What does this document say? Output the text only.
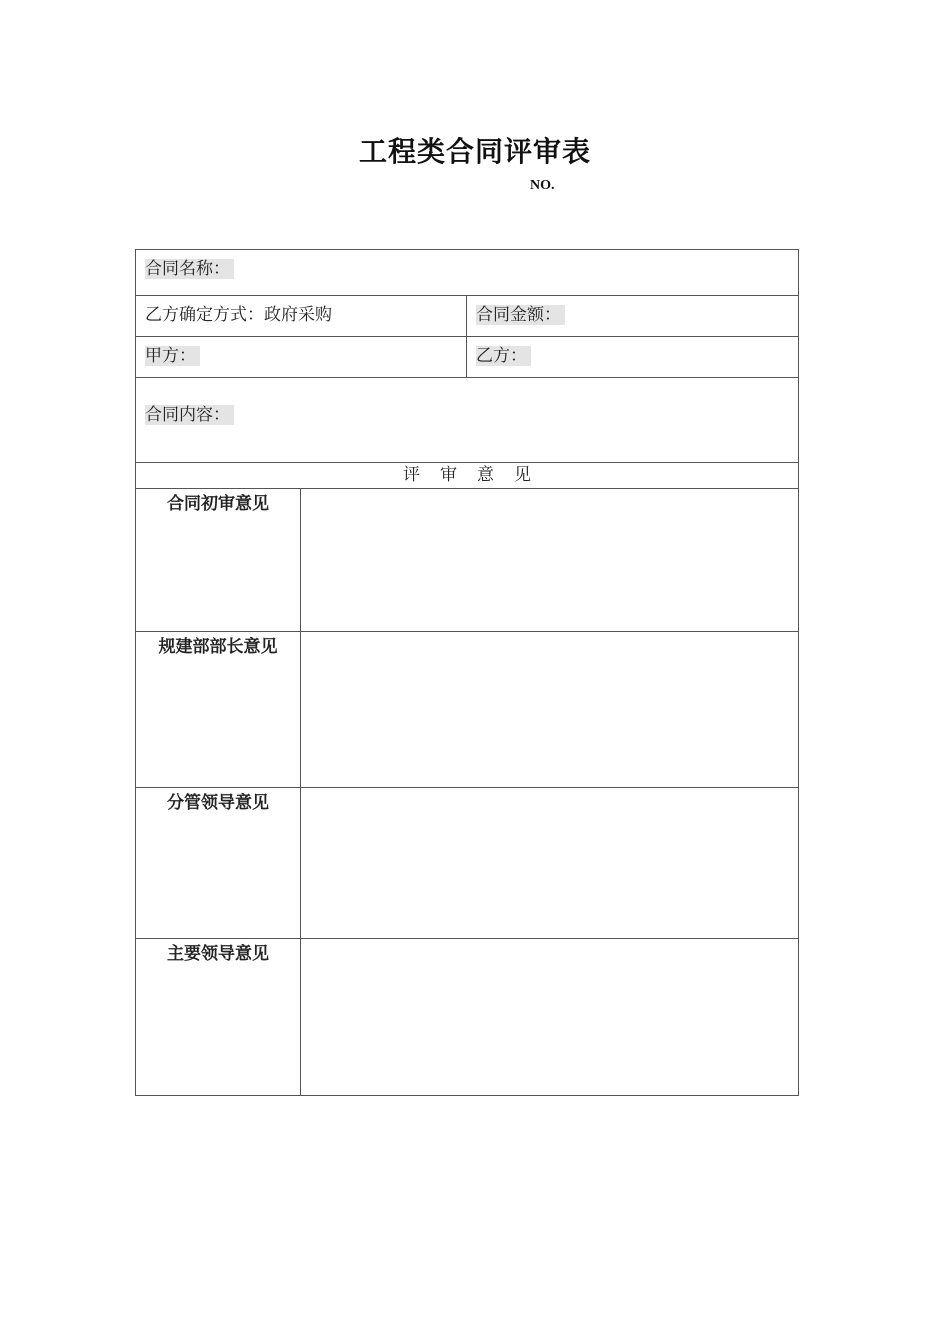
工程类合同评审表
NO.
合同名称：		

乙方确定方式：政府采购		合同金额：

甲方：		乙方：

合同内容：		

评审意见		
合同初审意见		
规建部部长意见		
分管领导意见		
主要领导意见		
